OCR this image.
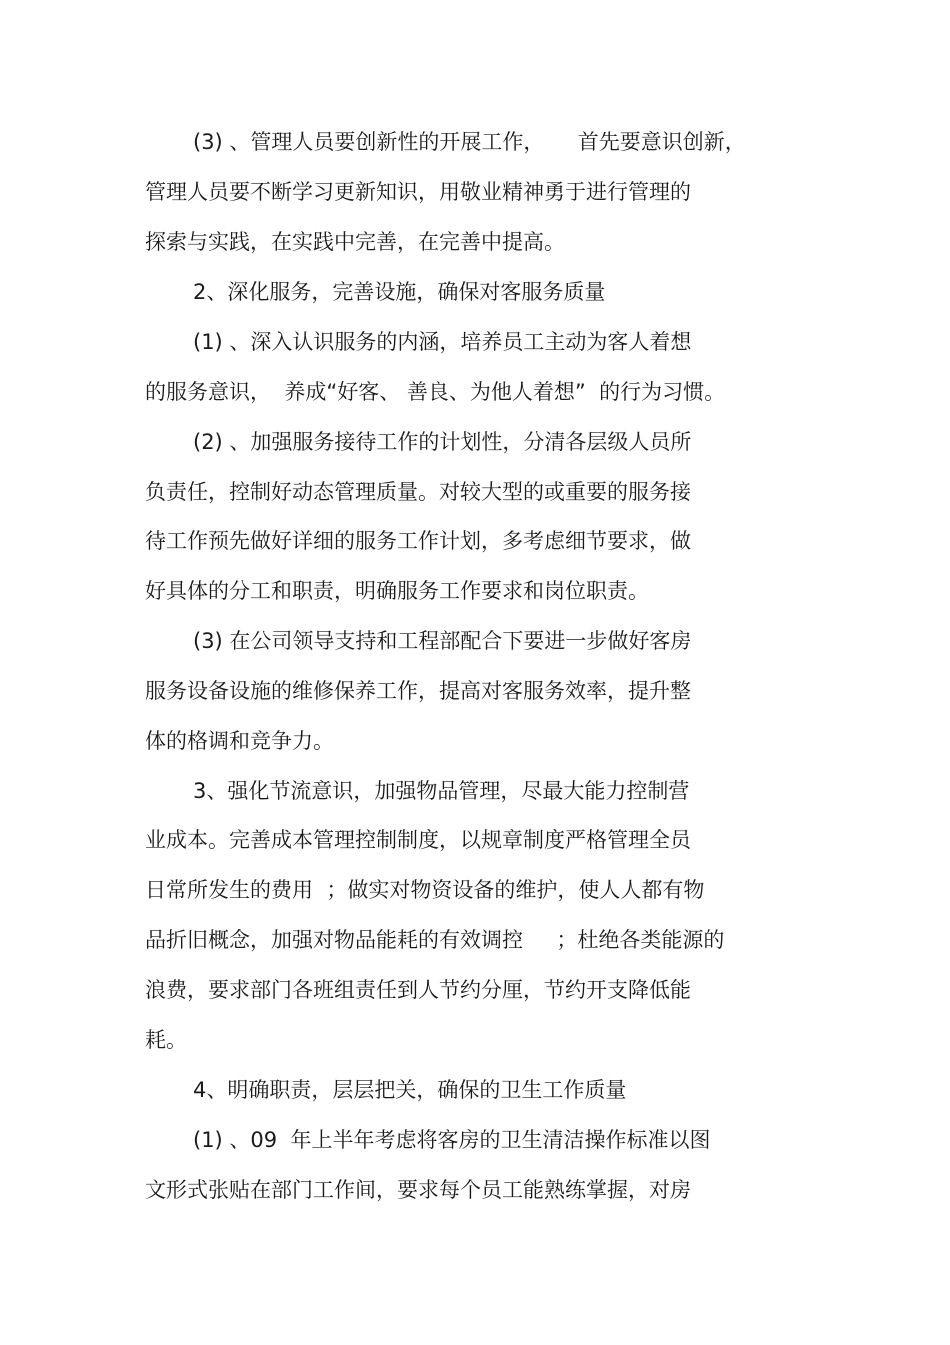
(3) 、管理人员要创新性的开展工作，     首先要意识创新，
管理人员要不断学习更新知识，用敬业精神勇于进行管理的
探索与实践，在实践中完善，在完善中提高。
2、深化服务，完善设施，确保对客服务质量
(1) 、深入认识服务的内涵，培养员工主动为客人着想
的服务意识，  养成“好客、 善良、为他人着想”  的行为习惯。
(2) 、加强服务接待工作的计划性，分清各层级人员所
负责任，控制好动态管理质量。对较大型的或重要的服务接
待工作预先做好详细的服务工作计划，多考虑细节要求，做
好具体的分工和职责，明确服务工作要求和岗位职责。
(3) 在公司领导支持和工程部配合下要进一步做好客房
服务设备设施的维修保养工作，提高对客服务效率，提升整
体的格调和竞争力。
3、强化节流意识，加强物品管理，尽最大能力控制营
业成本。完善成本管理控制制度，以规章制度严格管理全员
日常所发生的费用  ；做实对物资设备的维护，使人人都有物
品折旧概念，加强对物品能耗的有效调控     ；杜绝各类能源的
浪费，要求部门各班组责任到人节约分厘，节约开支降低能
耗。
4、明确职责，层层把关，确保的卫生工作质量
(1) 、09  年上半年考虑将客房的卫生清洁操作标准以图
文形式张贴在部门工作间，要求每个员工能熟练掌握，对房
